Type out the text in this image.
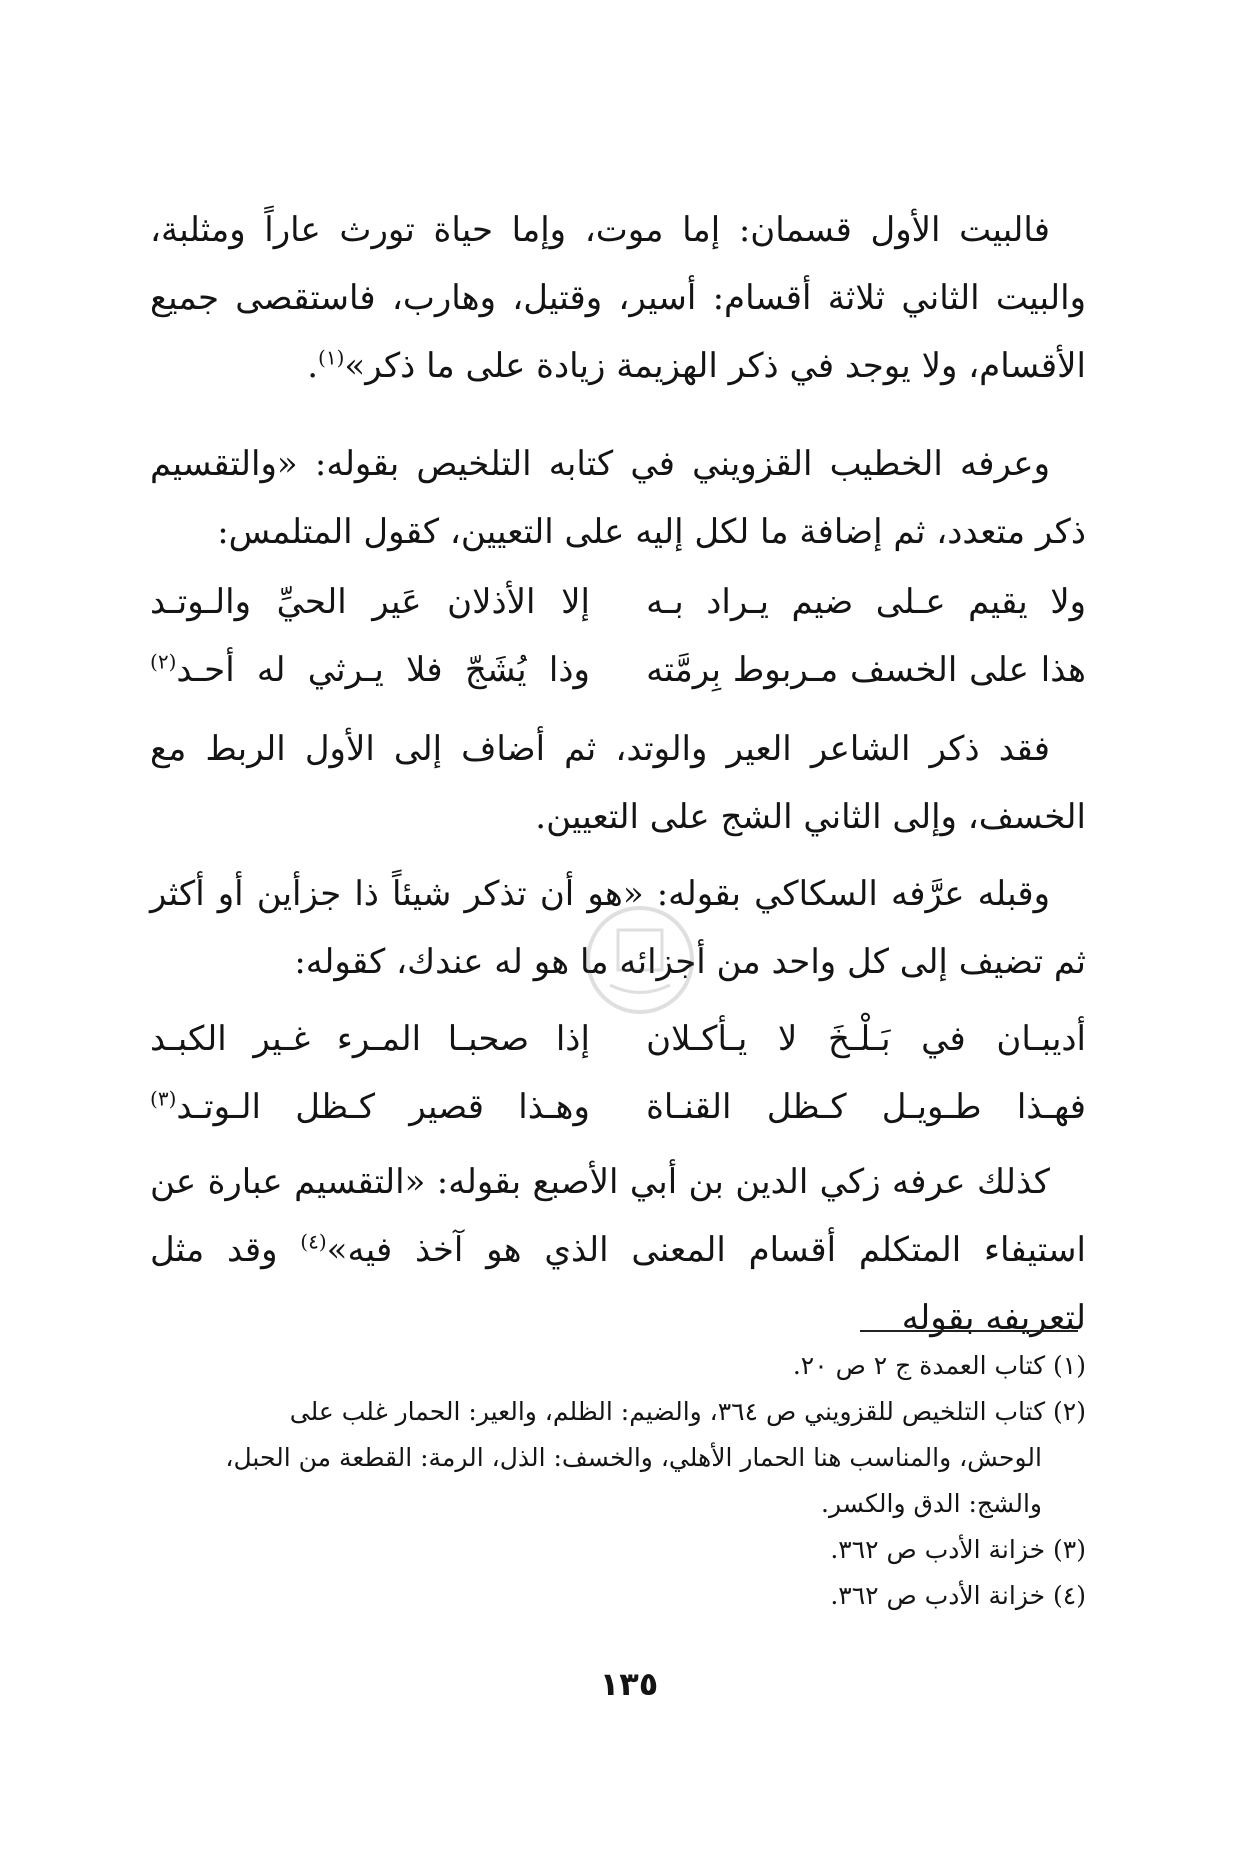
فالبيت الأول قسمان: إما موت، وإما حياة تورث عاراً ومثلبة، والبيت الثاني ثلاثة أقسام: أسير، وقتيل، وهارب، فاستقصى جميع الأقسام، ولا يوجد في ذكر الهزيمة زيادة على ما ذكر»$^{(١)}$.
وعرفه الخطيب القزويني في كتابه التلخيص بقوله: «والتقسيم ذكر متعدد، ثم إضافة ما لكل إليه على التعيين، كقول المتلمس:
ولا يقيم عـلى ضيم يـراد بـه
إلا الأذلان عَير الحيِّ والـوتـد
هذا على الخسف مـربوط بِرمَّته
وذا يُشَجّ فلا يـرثي له أحـد$^{(٢)}$
فقد ذكر الشاعر العير والوتد، ثم أضاف إلى الأول الربط مع الخسف، وإلى الثاني الشج على التعيين.
وقبله عرَّفه السكاكي بقوله: «هو أن تذكر شيئاً ذا جزأين أو أكثر ثم تضيف إلى كل واحد من أجزائه ما هو له عندك، كقوله:
أديبـان في بَـلْـخَ لا يـأكـلان
إذا صحبـا المـرء غـير الكبـد
فهـذا طـويـل كـظل القنـاة
وهـذا قصير كـظل الـوتـد$^{(٣)}$
كذلك عرفه زكي الدين بن أبي الأصبع بقوله: «التقسيم عبارة عن استيفاء المتكلم أقسام المعنى الذي هو آخذ فيه»$^{(٤)}$ وقد مثل لتعريفه بقوله

(١) كتاب العمدة ج ٢ ص ٢٠.

(٢) كتاب التلخيص للقزويني ص ٣٦٤، والضيم: الظلم، والعير: الحمار غلب على

الوحش، والمناسب هنا الحمار الأهلي، والخسف: الذل، الرمة: القطعة من الحبل،

والشج: الدق والكسر.

(٣) خزانة الأدب ص ٣٦٢.

(٤) خزانة الأدب ص ٣٦٢.

١٣٥
